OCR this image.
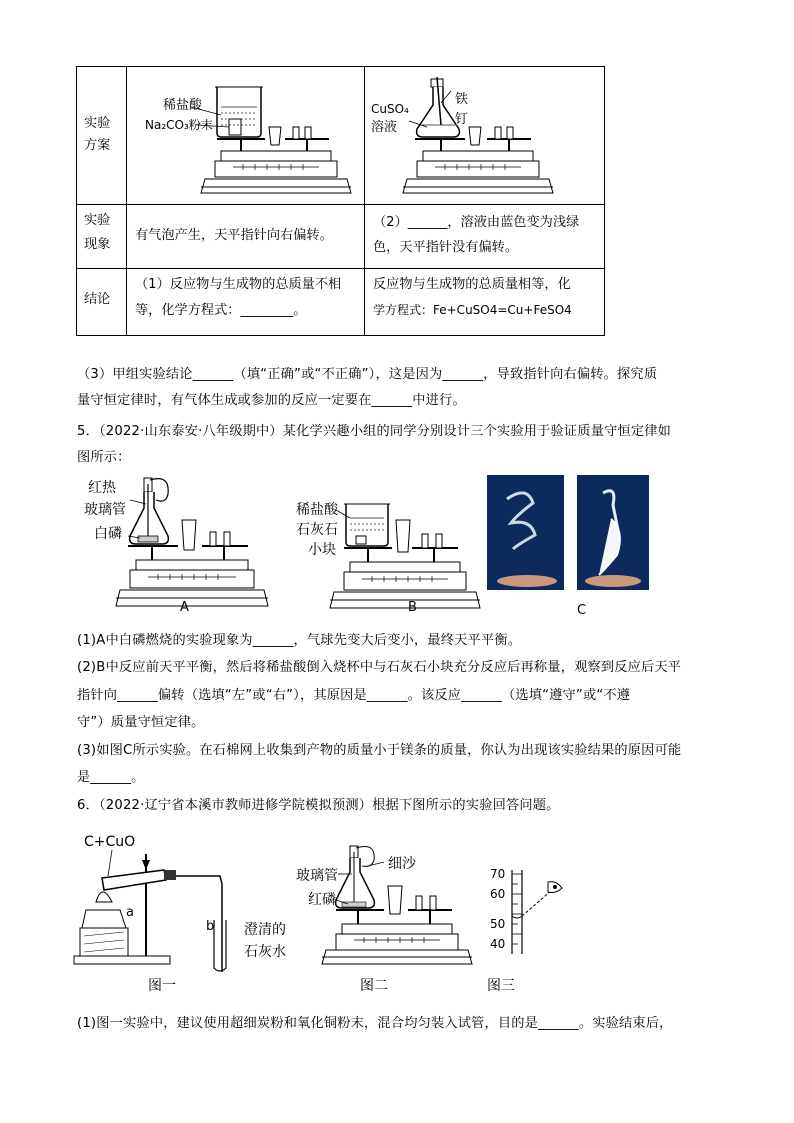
实验
方案
实验
现象
有气泡产生，天平指针向右偏转。
（2）______，溶液由蓝色变为浅绿
色，天平指针没有偏转。
结论
（1）反应物与生成物的总质量不相
等，化学方程式：________。
反应物与生成物的总质量相等，化
学方程式：Fe+CuSO4=Cu+FeSO4
稀盐酸
Na₂CO₃粉末
CuSO₄
溶液
铁
钉
（3）甲组实验结论______（填“正确”或“不正确”），这是因为______，导致指针向右偏转。探究质
量守恒定律时，有气体生成或参加的反应一定要在______中进行。
5．（2022·山东泰安·八年级期中）某化学兴趣小组的同学分别设计三个实验用于验证质量守恒定律如
图所示：
红热
玻璃管
白磷
A
稀盐酸
石灰石
小块
B	C
(1)A中白磷燃烧的实验现象为______，气球先变大后变小，最终天平平衡。
(2)B中反应前天平平衡，然后将稀盐酸倒入烧杯中与石灰石小块充分反应后再称量，观察到反应后天平
指针向______偏转（选填“左”或“右”），其原因是______。该反应______（选填“遵守”或“不遵
守”）质量守恒定律。
(3)如图C所示实验。在石棉网上收集到产物的质量小于镁条的质量，你认为出现该实验结果的原因可能
是______。
6．（2022·辽宁省本溪市教师进修学院模拟预测）根据下图所示的实验回答问题。
C+CuO
a
b 澄清的
石灰水
图一
玻璃管
细沙
红磷
图二
70
60
50
40
图三
(1)图一实验中，建议使用超细炭粉和氧化铜粉末，混合均匀装入试管，目的是______。实验结束后，
